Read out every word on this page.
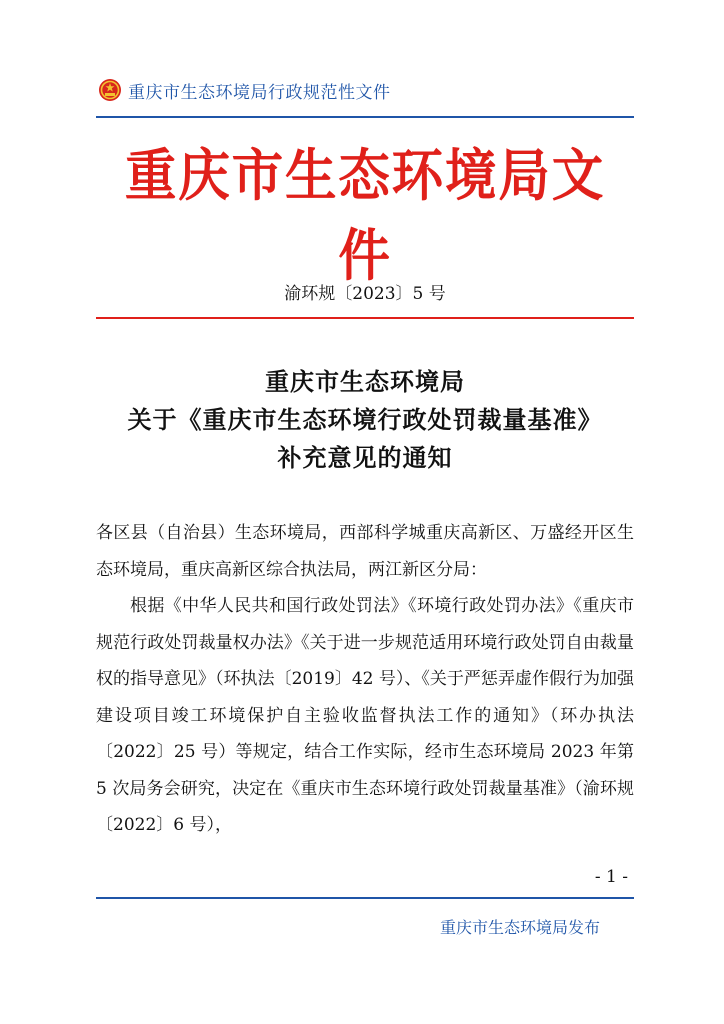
重庆市生态环境局行政规范性文件
重庆市生态环境局文件
渝环规〔2023〕5 号
重庆市生态环境局
关于《重庆市生态环境行政处罚裁量基准》
补充意见的通知

各区县（自治县）生态环境局，西部科学城重庆高新区、万盛经开区生态环境局，重庆高新区综合执法局，两江新区分局：

根据《中华人民共和国行政处罚法》《环境行政处罚办法》《重庆市规范行政处罚裁量权办法》《关于进一步规范适用环境行政处罚自由裁量权的指导意见》（环执法〔2019〕42 号）、《关于严惩弄虚作假行为加强建设项目竣工环境保护自主验收监督执法工作的通知》（环办执法〔2022〕25 号）等规定，结合工作实际，经市生态环境局 2023 年第 5 次局务会研究，决定在《重庆市生态环境行政处罚裁量基准》（渝环规〔2022〕6 号），

- 1 -
重庆市生态环境局发布
